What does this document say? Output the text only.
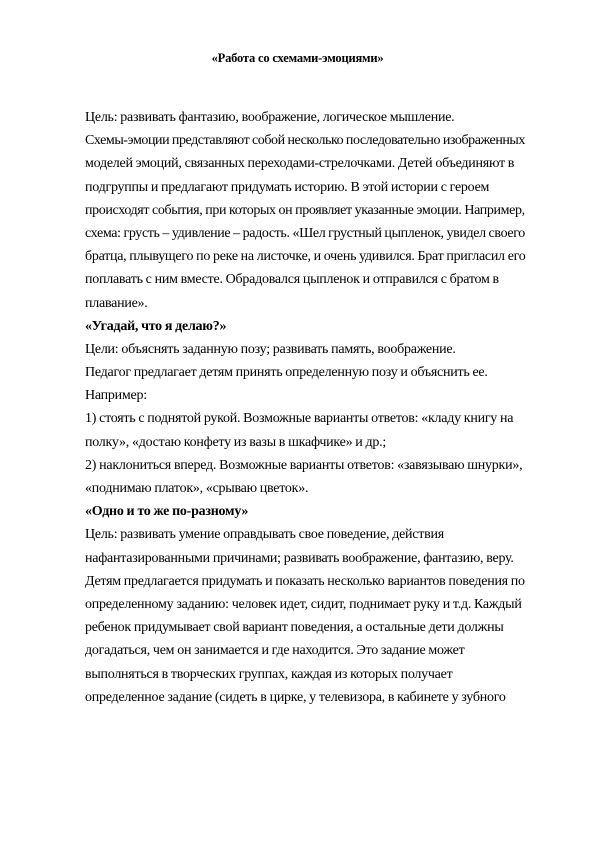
«Работа со схемами-эмоциями»
Цель: развивать фантазию, воображение, логическое мышление.
Схемы-эмоции представляют собой несколько последовательно изображенных
моделей эмоций, связанных переходами-стрелочками. Детей объединяют в
подгруппы и предлагают придумать историю. В этой истории с героем
происходят события, при которых он проявляет указанные эмоции. Например,
схема: грусть – удивление – радость. «Шел грустный цыпленок, увидел своего
братца, плывущего по реке на листочке, и очень удивился. Брат пригласил его
поплавать с ним вместе. Обрадовался цыпленок и отправился с братом в
плавание».
«Угадай, что я делаю?»
Цели: объяснять заданную позу; развивать память, воображение.
Педагог предлагает детям принять определенную позу и объяснить ее.
Например:
1) стоять с поднятой рукой. Возможные варианты ответов: «кладу книгу на
полку», «достаю конфету из вазы в шкафчике» и др.;
2) наклониться вперед. Возможные варианты ответов: «завязываю шнурки»,
«поднимаю платок», «срываю цветок».
«Одно и то же по-разному»
Цель: развивать умение оправдывать свое поведение, действия
нафантазированными причинами; развивать воображение, фантазию, веру.
Детям предлагается придумать и показать несколько вариантов поведения по
определенному заданию: человек идет, сидит, поднимает руку и т.д. Каждый
ребенок придумывает свой вариант поведения, а остальные дети должны
догадаться, чем он занимается и где находится. Это задание может
выполняться в творческих группах, каждая из которых получает
определенное задание (сидеть в цирке, у телевизора, в кабинете у зубного
